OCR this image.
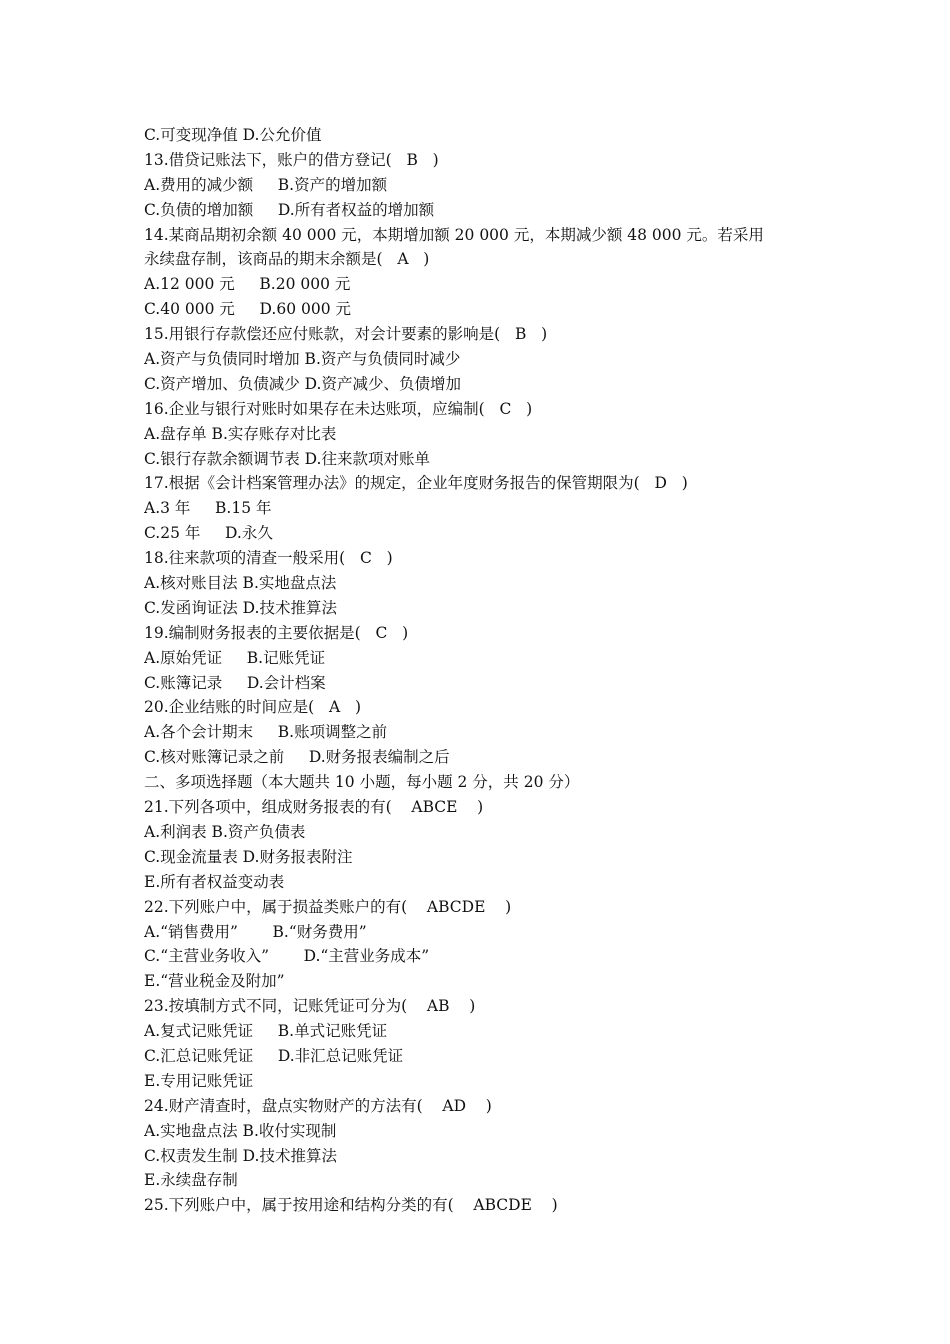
C.可变现净值 D.公允价值
13.借贷记账法下，账户的借方登记(   B   )
A.费用的减少额     B.资产的增加额
C.负债的增加额     D.所有者权益的增加额
14.某商品期初余额 40 000 元，本期增加额 20 000 元，本期减少额 48 000 元。若采用
永续盘存制，该商品的期末余额是(   A   )
A.12 000 元     B.20 000 元
C.40 000 元     D.60 000 元
15.用银行存款偿还应付账款，对会计要素的影响是(   B   )
A.资产与负债同时增加 B.资产与负债同时减少
C.资产增加、负债减少 D.资产减少、负债增加
16.企业与银行对账时如果存在未达账项，应编制(   C   )
A.盘存单 B.实存账存对比表
C.银行存款余额调节表 D.往来款项对账单
17.根据《会计档案管理办法》的规定，企业年度财务报告的保管期限为(   D   )
A.3 年     B.15 年
C.25 年     D.永久
18.往来款项的清查一般采用(   C   )
A.核对账目法 B.实地盘点法
C.发函询证法 D.技术推算法
19.编制财务报表的主要依据是(   C   )
A.原始凭证     B.记账凭证
C.账簿记录     D.会计档案
20.企业结账的时间应是(   A   )
A.各个会计期末     B.账项调整之前
C.核对账簿记录之前     D.财务报表编制之后
二、多项选择题（本大题共 10 小题，每小题 2 分，共 20 分）
21.下列各项中，组成财务报表的有(    ABCE    )
A.利润表 B.资产负债表
C.现金流量表 D.财务报表附注
E.所有者权益变动表
22.下列账户中，属于损益类账户的有(    ABCDE    )
A.“销售费用”       B.“财务费用”
C.“主营业务收入”       D.“主营业务成本”
E.“营业税金及附加”
23.按填制方式不同，记账凭证可分为(    AB    )
A.复式记账凭证     B.单式记账凭证
C.汇总记账凭证     D.非汇总记账凭证
E.专用记账凭证
24.财产清查时，盘点实物财产的方法有(    AD    )
A.实地盘点法 B.收付实现制
C.权责发生制 D.技术推算法
E.永续盘存制
25.下列账户中，属于按用途和结构分类的有(    ABCDE    )
